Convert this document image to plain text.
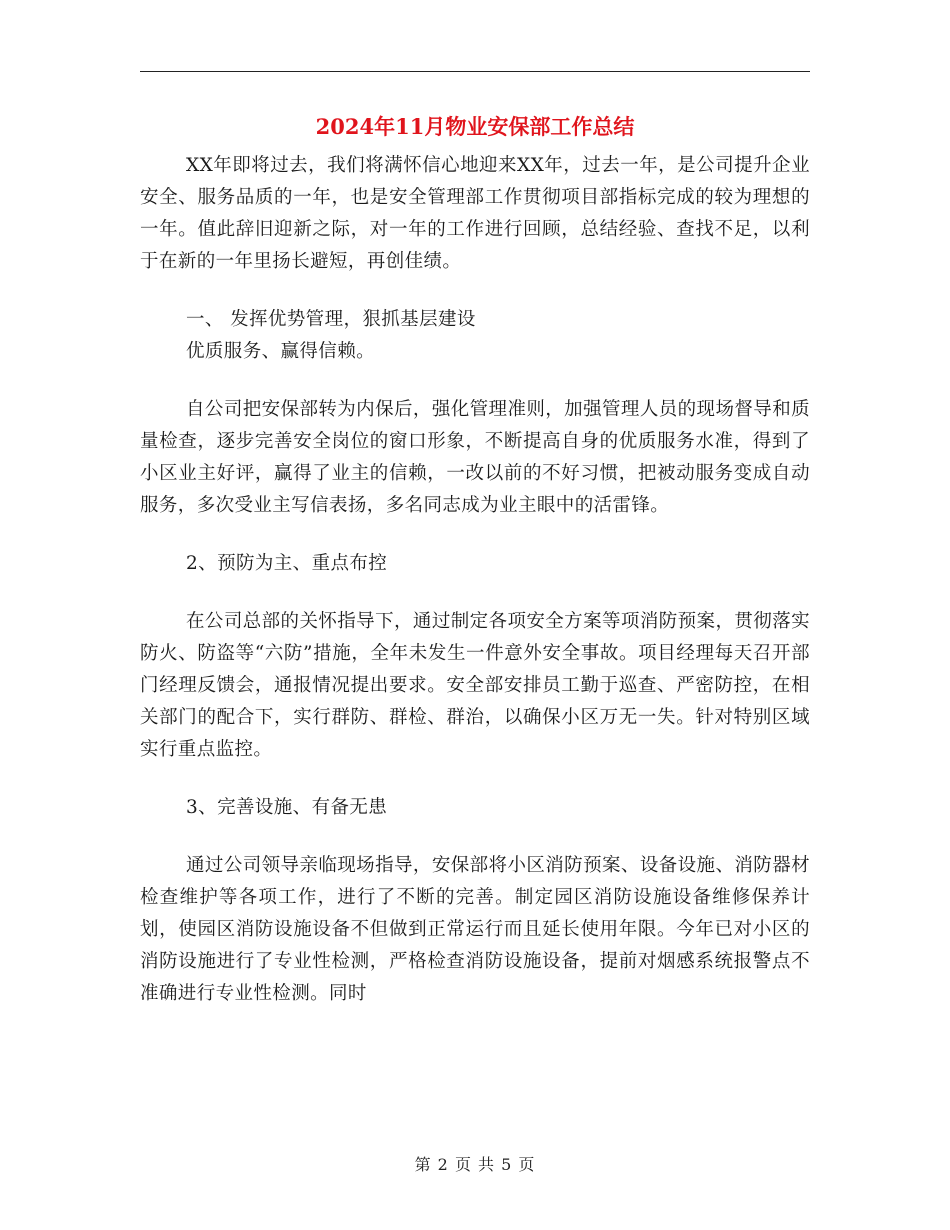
2024年11月物业安保部工作总结

XX年即将过去，我们将满怀信心地迎来XX年，过去一年，是公司提升企业安全、服务品质的一年，也是安全管理部工作贯彻项目部指标完成的较为理想的一年。值此辞旧迎新之际，对一年的工作进行回顾，总结经验、查找不足，以利于在新的一年里扬长避短，再创佳绩。

一、 发挥优势管理，狠抓基层建设

优质服务、赢得信赖。

自公司把安保部转为内保后，强化管理准则，加强管理人员的现场督导和质量检查，逐步完善安全岗位的窗口形象，不断提高自身的优质服务水准，得到了小区业主好评，赢得了业主的信赖，一改以前的不好习惯，把被动服务变成自动服务，多次受业主写信表扬，多名同志成为业主眼中的活雷锋。

2、预防为主、重点布控

在公司总部的关怀指导下，通过制定各项安全方案等项消防预案，贯彻落实防火、防盗等“六防”措施，全年未发生一件意外安全事故。项目经理每天召开部门经理反馈会，通报情况提出要求。安全部安排员工勤于巡查、严密防控，在相关部门的配合下，实行群防、群检、群治，以确保小区万无一失。针对特别区域实行重点监控。

3、完善设施、有备无患

通过公司领导亲临现场指导，安保部将小区消防预案、设备设施、消防器材检查维护等各项工作，进行了不断的完善。制定园区消防设施设备维修保养计划，使园区消防设施设备不但做到正常运行而且延长使用年限。今年已对小区的消防设施进行了专业性检测，严格检查消防设施设备，提前对烟感系统报警点不准确进行专业性检测。同时

第 2 页 共 5 页
